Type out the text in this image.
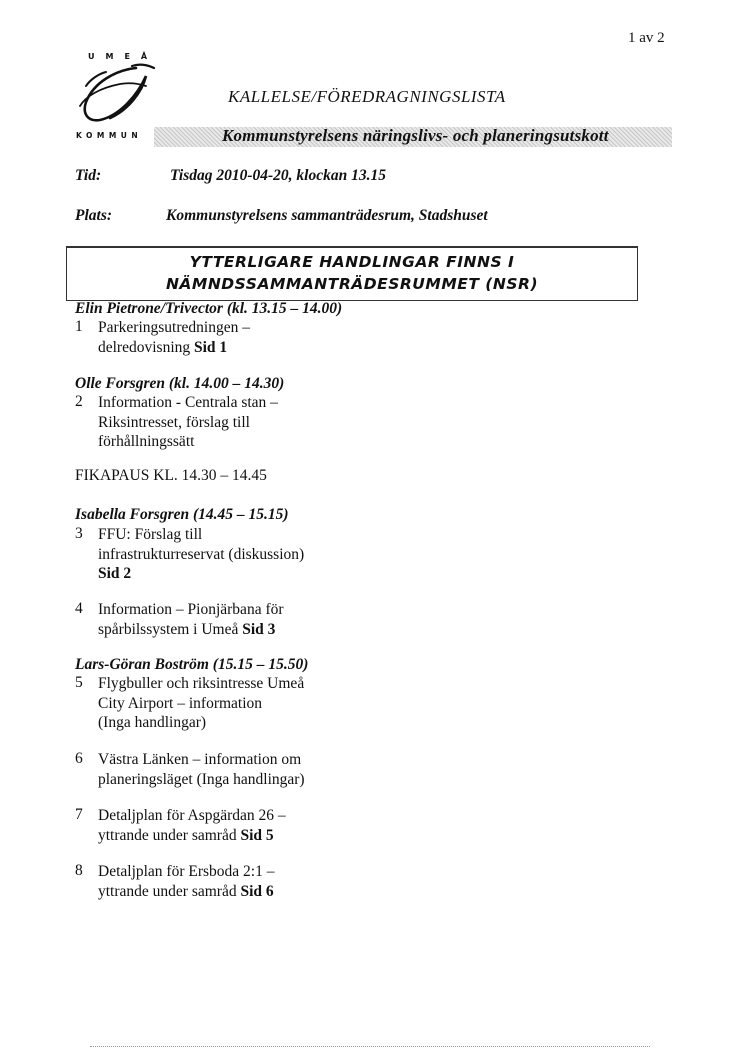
1 av 2
UMEÅ
KOMMUN
KALLELSE/FÖREDRAGNINGSLISTA
Kommunstyrelsens näringslivs- och planeringsutskott
Tid:	Tisdag 2010-04-20, klockan 13.15
Plats:	Kommunstyrelsens sammanträdesrum, Stadshuset
YTTERLIGARE HANDLINGAR FINNS I
NÄMNDSSAMMANTRÄDESRUMMET (NSR)
Elin Pietrone/Trivector (kl. 13.15 – 14.00)
1 Parkeringsutredningen –
delredovisning Sid 1
Olle Forsgren (kl. 14.00 – 14.30)
2 Information - Centrala stan –
Riksintresset, förslag till
förhållningssätt
FIKAPAUS KL. 14.30 – 14.45
Isabella Forsgren (14.45 – 15.15)
3 FFU: Förslag till
infrastrukturreservat (diskussion)
Sid 2
4 Information – Pionjärbana för
spårbilssystem i Umeå Sid 3
Lars-Göran Boström (15.15 – 15.50)
5 Flygbuller och riksintresse Umeå
City Airport – information
(Inga handlingar)
6 Västra Länken – information om
planeringsläget (Inga handlingar)
7 Detaljplan för Aspgärdan 26 –
yttrande under samråd Sid 5
8 Detaljplan för Ersboda 2:1 –
yttrande under samråd Sid 6
